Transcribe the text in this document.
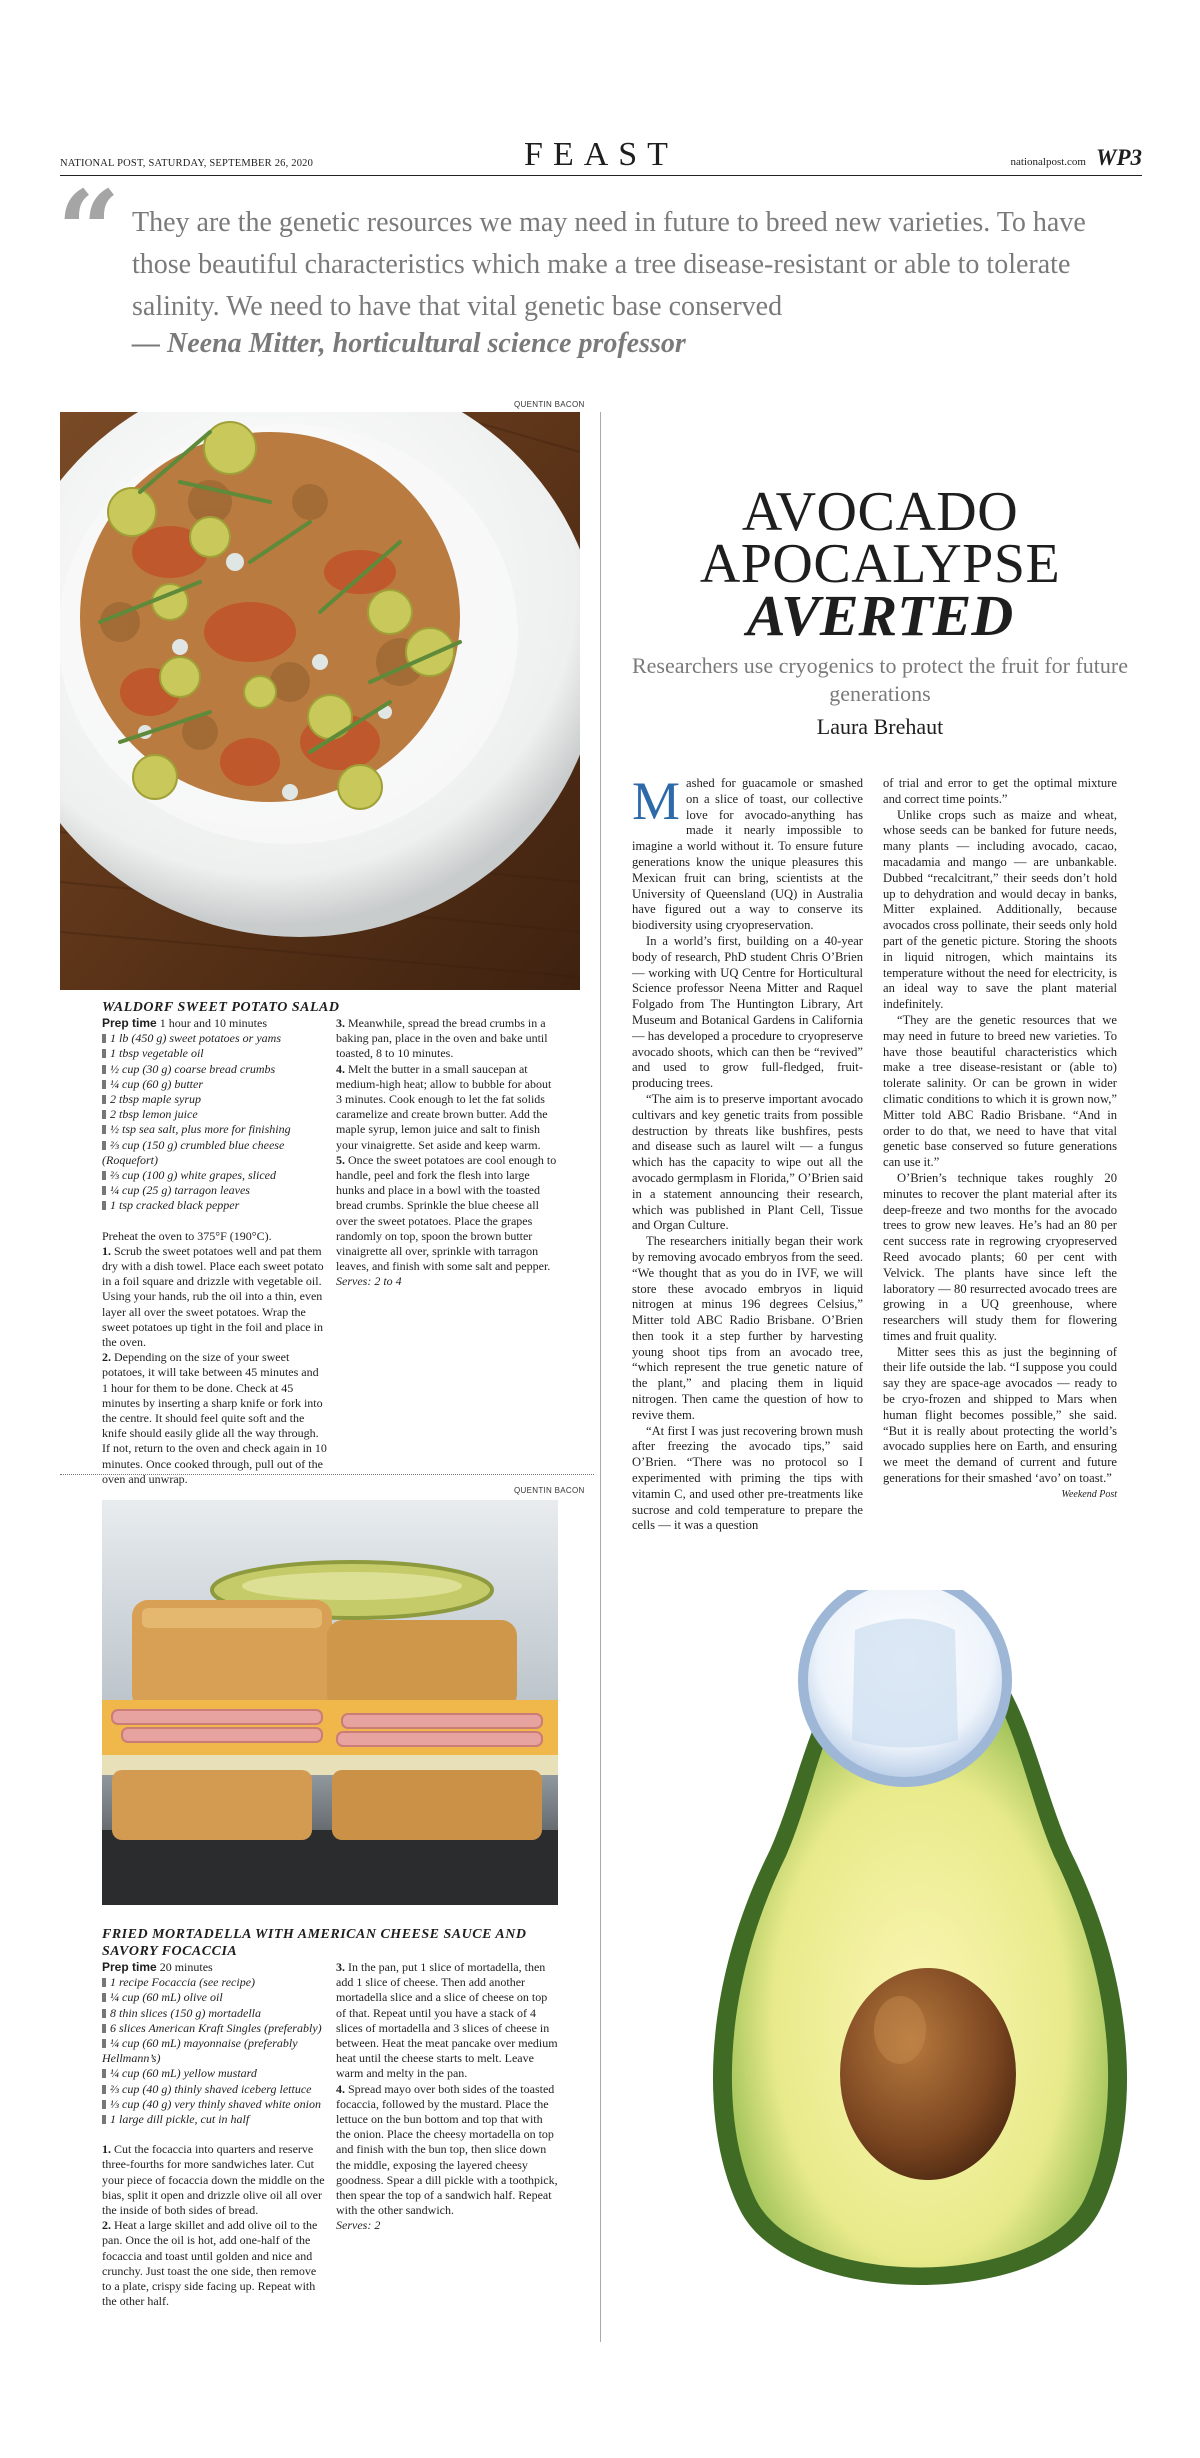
NATIONAL POST, SATURDAY, SEPTEMBER 26, 2020	FEAST	nationalpost.com WP3
“ They are the genetic resources we may need in future to breed new varieties. To have those beautiful characteristics which make a tree disease-resistant or able to tolerate salinity. We need to have that vital genetic base conserved
— Neena Mitter, horticultural science professor
QUENTIN BACON
WALDORF SWEET POTATO SALAD

Prep time 1 hour and 10 minutes

1 lb (450 g) sweet potatoes or yams

1 tbsp vegetable oil

½ cup (30 g) coarse bread crumbs

¼ cup (60 g) butter

2 tbsp maple syrup

2 tbsp lemon juice

½ tsp sea salt, plus more for finishing

⅔ cup (150 g) crumbled blue cheese (Roquefort)

⅔ cup (100 g) white grapes, sliced

¼ cup (25 g) tarragon leaves

1 tsp cracked black pepper

Preheat the oven to 375°F (190°C).

1. Scrub the sweet potatoes well and pat them dry with a dish towel. Place each sweet potato in a foil square and drizzle with vegetable oil. Using your hands, rub the oil into a thin, even layer all over the sweet potatoes. Wrap the sweet potatoes up tight in the foil and place in the oven.

2. Depending on the size of your sweet potatoes, it will take between 45 minutes and 1 hour for them to be done. Check at 45 minutes by inserting a sharp knife or fork into the centre. It should feel quite soft and the knife should easily glide all the way through. If not, return to the oven and check again in 10 minutes. Once cooked through, pull out of the oven and unwrap.

3. Meanwhile, spread the bread crumbs in a baking pan, place in the oven and bake until toasted, 8 to 10 minutes.

4. Melt the butter in a small saucepan at medium-high heat; allow to bubble for about 3 minutes. Cook enough to let the fat solids caramelize and create brown butter. Add the maple syrup, lemon juice and salt to finish your vinaigrette. Set aside and keep warm.

5. Once the sweet potatoes are cool enough to handle, peel and fork the flesh into large hunks and place in a bowl with the toasted bread crumbs. Sprinkle the blue cheese all over the sweet potatoes. Place the grapes randomly on top, spoon the brown butter vinaigrette all over, sprinkle with tarragon leaves, and finish with some salt and pepper.

Serves: 2 to 4

QUENTIN BACON
FRIED MORTADELLA WITH AMERICAN CHEESE SAUCE AND SAVORY FOCACCIA

Prep time 20 minutes

1 recipe Focaccia (see recipe)

¼ cup (60 mL) olive oil

8 thin slices (150 g) mortadella

6 slices American Kraft Singles (preferably)

¼ cup (60 mL) mayonnaise (preferably Hellmann’s)

¼ cup (60 mL) yellow mustard

⅔ cup (40 g) thinly shaved iceberg lettuce

⅓ cup (40 g) very thinly shaved white onion

1 large dill pickle, cut in half

1. Cut the focaccia into quarters and reserve three-fourths for more sandwiches later. Cut your piece of focaccia down the middle on the bias, split it open and drizzle olive oil all over the inside of both sides of bread.

2. Heat a large skillet and add olive oil to the pan. Once the oil is hot, add one-half of the focaccia and toast until golden and nice and crunchy. Just toast the one side, then remove to a plate, crispy side facing up. Repeat with the other half.

3. In the pan, put 1 slice of mortadella, then add 1 slice of cheese. Then add another mortadella slice and a slice of cheese on top of that. Repeat until you have a stack of 4 slices of mortadella and 3 slices of cheese in between. Heat the meat pancake over medium heat until the cheese starts to melt. Leave warm and melty in the pan.

4. Spread mayo over both sides of the toasted focaccia, followed by the mustard. Place the lettuce on the bun bottom and top that with the onion. Place the cheesy mortadella on top and finish with the bun top, then slice down the middle, exposing the layered cheesy goodness. Spear a dill pickle with a toothpick, then spear the top of a sandwich half. Repeat with the other sandwich.

Serves: 2

AVOCADO
APOCALYPSE
AVERTED
Researchers use cryogenics to protect the fruit for future generations
Laura Brehaut

Mashed for guacamole or smashed on a slice of toast, our collective love for avocado-anything has made it nearly impossible to imagine a world without it. To ensure future generations know the unique pleasures this Mexican fruit can bring, scientists at the University of Queensland (UQ) in Australia have figured out a way to conserve its biodiversity using cryopreservation.

In a world’s first, building on a 40-year body of research, PhD student Chris O’Brien — working with UQ Centre for Horticultural Science professor Neena Mitter and Raquel Folgado from The Huntington Library, Art Museum and Botanical Gardens in California — has developed a procedure to cryopreserve avocado shoots, which can then be “revived” and used to grow full-fledged, fruit-producing trees.

“The aim is to preserve important avocado cultivars and key genetic traits from possible destruction by threats like bushfires, pests and disease such as laurel wilt — a fungus which has the capacity to wipe out all the avocado germplasm in Florida,” O’Brien said in a statement announcing their research, which was published in Plant Cell, Tissue and Organ Culture.

The researchers initially began their work by removing avocado embryos from the seed. “We thought that as you do in IVF, we will store these avocado embryos in liquid nitrogen at minus 196 degrees Celsius,” Mitter told ABC Radio Brisbane. O’Brien then took it a step further by harvesting young shoot tips from an avocado tree, “which represent the true genetic nature of the plant,” and placing them in liquid nitrogen. Then came the question of how to revive them.

“At first I was just recovering brown mush after freezing the avocado tips,” said O’Brien. “There was no protocol so I experimented with priming the tips with vitamin C, and used other pre-treatments like sucrose and cold temperature to prepare the cells — it was a question

of trial and error to get the optimal mixture and correct time points.”

Unlike crops such as maize and wheat, whose seeds can be banked for future needs, many plants — including avocado, cacao, macadamia and mango — are unbankable. Dubbed “recalcitrant,” their seeds don’t hold up to dehydration and would decay in banks, Mitter explained. Additionally, because avocados cross pollinate, their seeds only hold part of the genetic picture. Storing the shoots in liquid nitrogen, which maintains its temperature without the need for electricity, is an ideal way to save the plant material indefinitely.

“They are the genetic resources that we may need in future to breed new varieties. To have those beautiful characteristics which make a tree disease-resistant or (able to) tolerate salinity. Or can be grown in wider climatic conditions to which it is grown now,” Mitter told ABC Radio Brisbane. “And in order to do that, we need to have that vital genetic base conserved so future generations can use it.”

O’Brien’s technique takes roughly 20 minutes to recover the plant material after its deep-freeze and two months for the avocado trees to grow new leaves. He’s had an 80 per cent success rate in regrowing cryopreserved Reed avocado plants; 60 per cent with Velvick. The plants have since left the laboratory — 80 resurrected avocado trees are growing in a UQ greenhouse, where researchers will study them for flowering times and fruit quality.

Mitter sees this as just the beginning of their life outside the lab. “I suppose you could say they are space-age avocados — ready to be cryo-frozen and shipped to Mars when human flight becomes possible,” she said. “But it is really about protecting the world’s avocado supplies here on Earth, and ensuring we meet the demand of current and future generations for their smashed ‘avo’ on toast.”

Weekend Post
